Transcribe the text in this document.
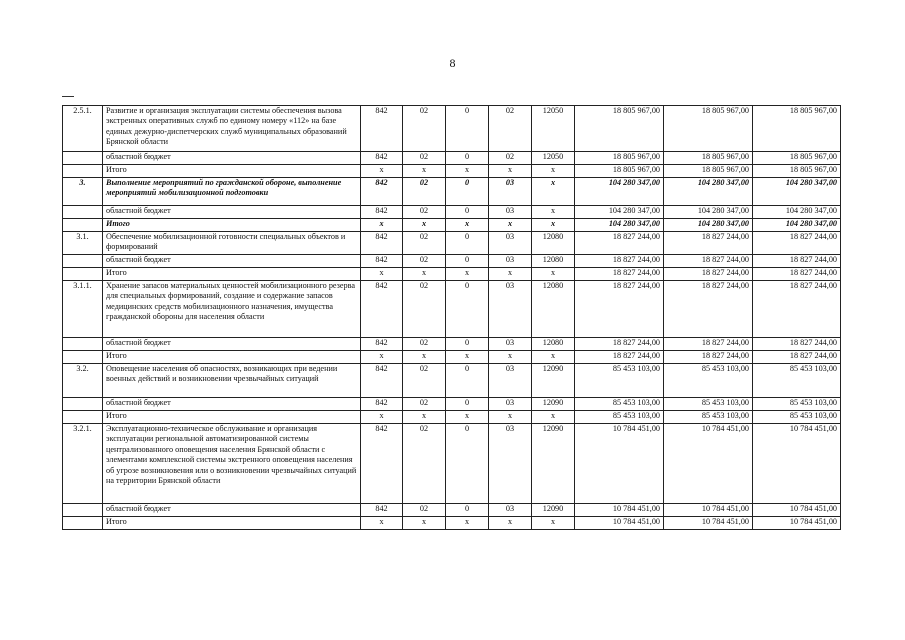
8
2.5.1.	Развитие и организация эксплуатации системы обеспечения вызова экстренных оперативных служб по единому номеру «112» на базе единых дежурно-диспетчерских служб муниципальных образований Брянской области	842	02	0	02	12050	18 805 967,00	18 805 967,00	18 805 967,00
	областной бюджет	842	02	0	02	12050	18 805 967,00	18 805 967,00	18 805 967,00
	Итого	х	х	х	х	х	18 805 967,00	18 805 967,00	18 805 967,00
3.	Выполнение мероприятий по гражданской обороне, выполнение мероприятий мобилизационной подготовки	842	02	0	03	х	104 280 347,00	104 280 347,00	104 280 347,00
	областной бюджет	842	02	0	03	х	104 280 347,00	104 280 347,00	104 280 347,00
	Итого	х	х	х	х	х	104 280 347,00	104 280 347,00	104 280 347,00
3.1.	Обеспечение мобилизационной готовности специальных объектов и формирований	842	02	0	03	12080	18 827 244,00	18 827 244,00	18 827 244,00
	областной бюджет	842	02	0	03	12080	18 827 244,00	18 827 244,00	18 827 244,00
	Итого	х	х	х	х	х	18 827 244,00	18 827 244,00	18 827 244,00
3.1.1.	Хранение запасов материальных ценностей мобилизационного резерва для специальных формирований, создание и содержание запасов медицинских средств мобилизационного назначения, имущества гражданской обороны для населения области	842	02	0	03	12080	18 827 244,00	18 827 244,00	18 827 244,00
	областной бюджет	842	02	0	03	12080	18 827 244,00	18 827 244,00	18 827 244,00
	Итого	х	х	х	х	х	18 827 244,00	18 827 244,00	18 827 244,00
3.2.	Оповещение населения об опасностях, возникающих при ведении военных действий и возникновении чрезвычайных ситуаций	842	02	0	03	12090	85 453 103,00	85 453 103,00	85 453 103,00
	областной бюджет	842	02	0	03	12090	85 453 103,00	85 453 103,00	85 453 103,00
	Итого	х	х	х	х	х	85 453 103,00	85 453 103,00	85 453 103,00
3.2.1.	Эксплуатационно-техническое обслуживание и организация эксплуатации региональной автоматизированной системы централизованного оповещения населения Брянской области с элементами комплексной системы экстренного оповещения населения об угрозе возникновения или о возникновении чрезвычайных ситуаций на территории Брянской области	842	02	0	03	12090	10 784 451,00	10 784 451,00	10 784 451,00
	областной бюджет	842	02	0	03	12090	10 784 451,00	10 784 451,00	10 784 451,00
	Итого	х	х	х	х	х	10 784 451,00	10 784 451,00	10 784 451,00
